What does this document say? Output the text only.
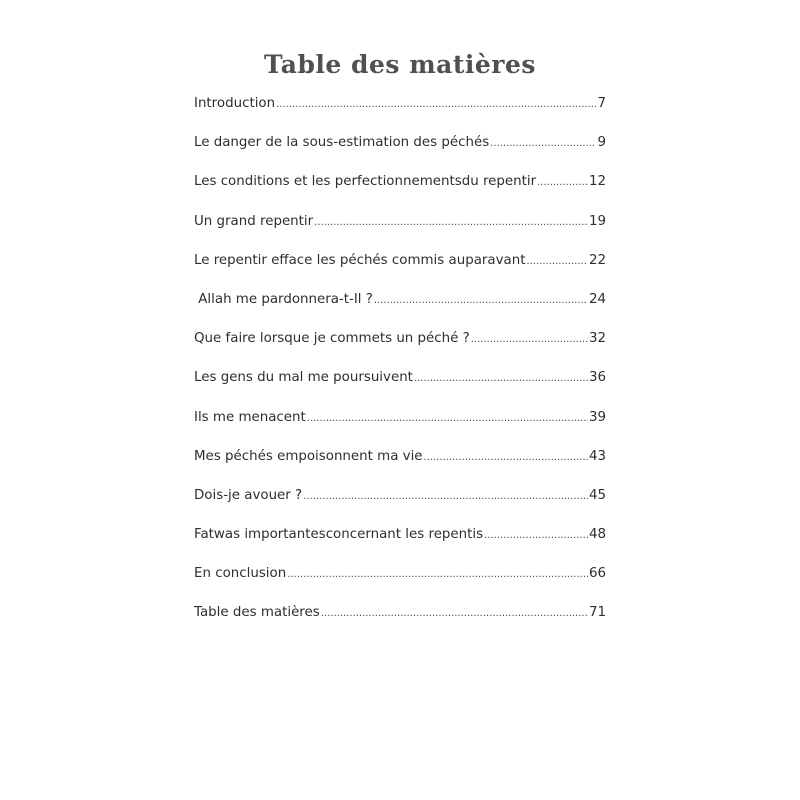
Table des matières
Introduction .....	7
Le danger de la sous-estimation des péchés .....	9
Les conditions et les perfectionnementsdu repentir .....	12
Un grand repentir .....	19
Le repentir efface les péchés commis auparavant .....	22
Allah me pardonnera-t-Il ? .....	24
Que faire lorsque je commets un péché ? .....	32
Les gens du mal me poursuivent .....	36
Ils me menacent .....	39
Mes péchés empoisonnent ma vie .....	43
Dois-je avouer ? .....	45
Fatwas importantesconcernant les repentis .....	48
En conclusion .....	66
Table des matières .....	71
